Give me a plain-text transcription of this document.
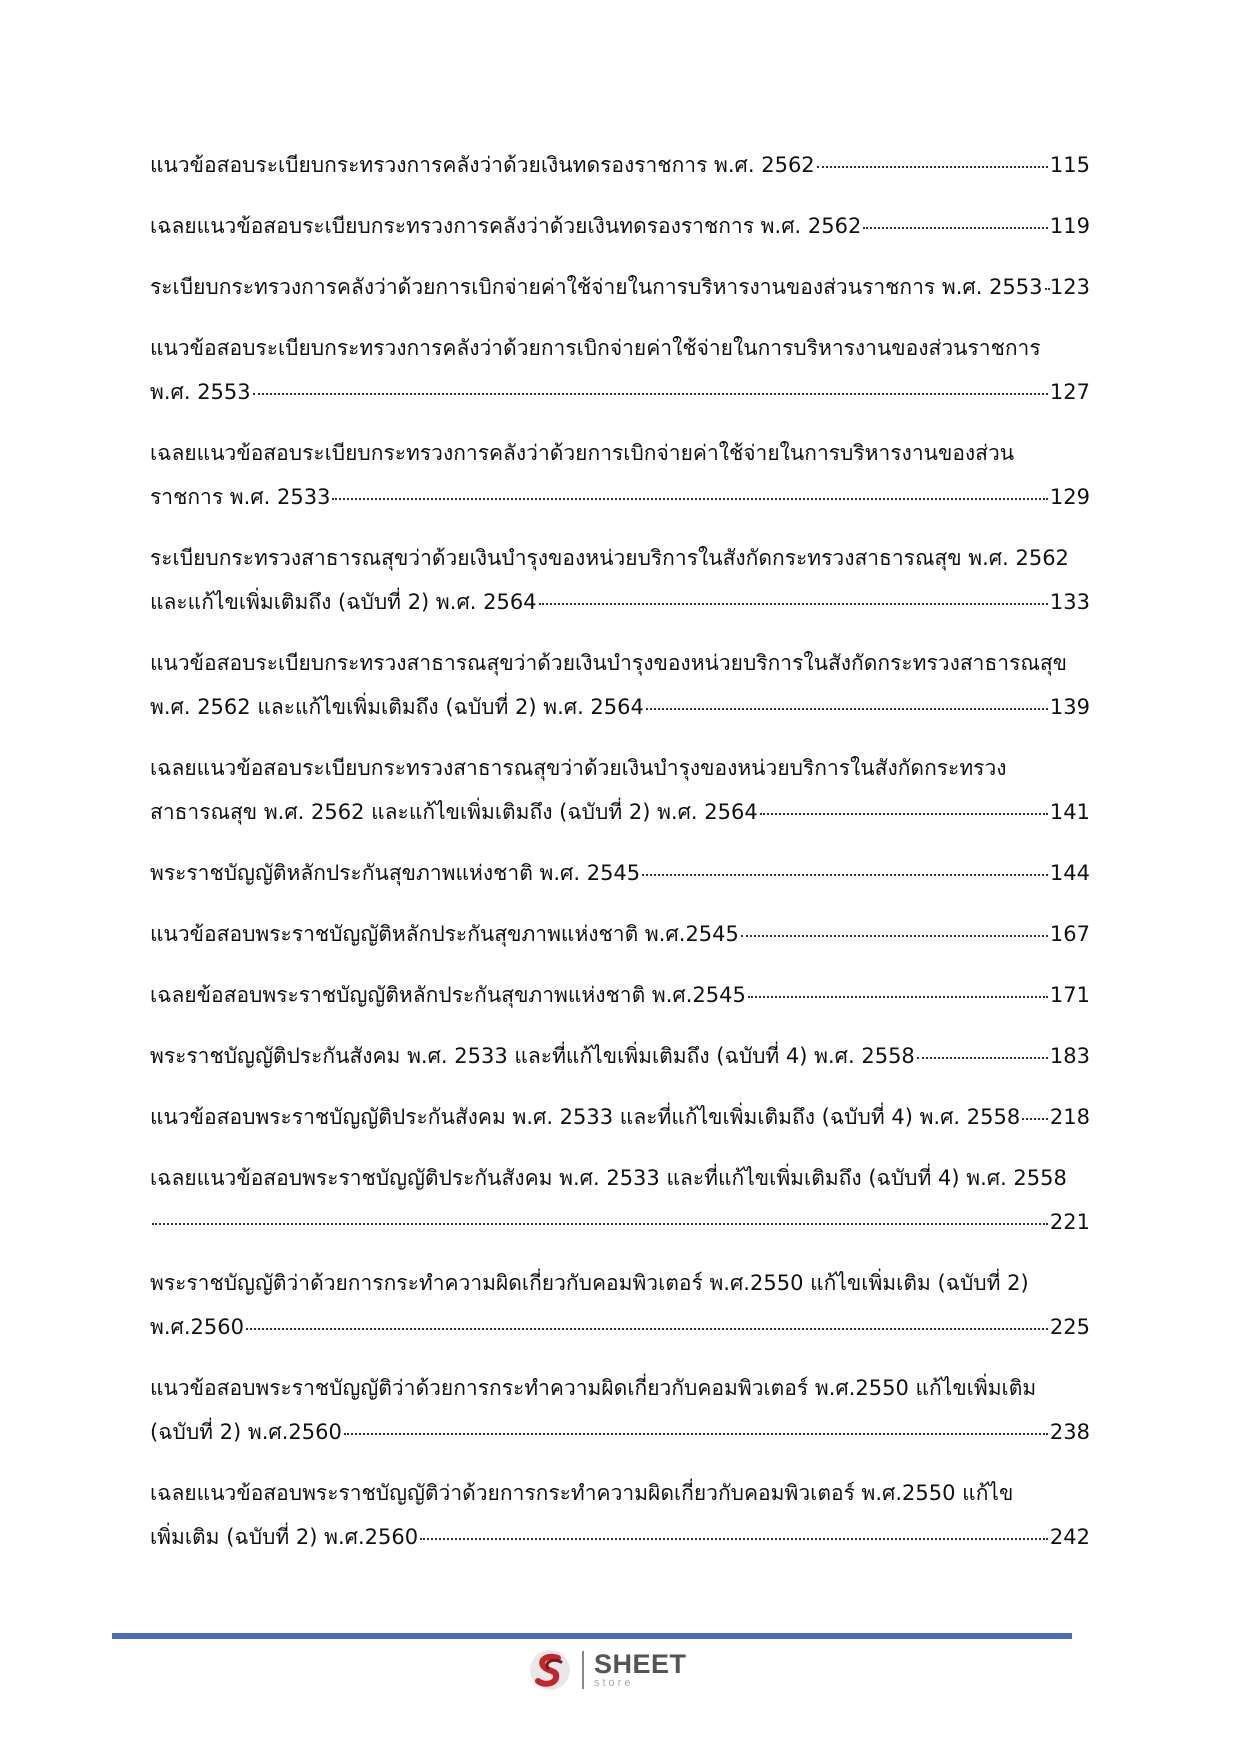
แนวข้อสอบระเบียบกระทรวงการคลังว่าด้วยเงินทดรองราชการ พ.ศ. 2562	115
เฉลยแนวข้อสอบระเบียบกระทรวงการคลังว่าด้วยเงินทดรองราชการ พ.ศ. 2562	119
ระเบียบกระทรวงการคลังว่าด้วยการเบิกจ่ายค่าใช้จ่ายในการบริหารงานของส่วนราชการ พ.ศ. 2553 123
แนวข้อสอบระเบียบกระทรวงการคลังว่าด้วยการเบิกจ่ายค่าใช้จ่ายในการบริหารงานของส่วนราชการ
พ.ศ. 2553	127
เฉลยแนวข้อสอบระเบียบกระทรวงการคลังว่าด้วยการเบิกจ่ายค่าใช้จ่ายในการบริหารงานของส่วน
ราชการ พ.ศ. 2533	129
ระเบียบกระทรวงสาธารณสุขว่าด้วยเงินบำรุงของหน่วยบริการในสังกัดกระทรวงสาธารณสุข พ.ศ. 2562
และแก้ไขเพิ่มเติมถึง (ฉบับที่ 2) พ.ศ. 2564	133
แนวข้อสอบระเบียบกระทรวงสาธารณสุขว่าด้วยเงินบำรุงของหน่วยบริการในสังกัดกระทรวงสาธารณสุข
พ.ศ. 2562 และแก้ไขเพิ่มเติมถึง (ฉบับที่ 2) พ.ศ. 2564	139
เฉลยแนวข้อสอบระเบียบกระทรวงสาธารณสุขว่าด้วยเงินบำรุงของหน่วยบริการในสังกัดกระทรวง
สาธารณสุข พ.ศ. 2562 และแก้ไขเพิ่มเติมถึง (ฉบับที่ 2) พ.ศ. 2564	141
พระราชบัญญัติหลักประกันสุขภาพแห่งชาติ พ.ศ. 2545	144
แนวข้อสอบพระราชบัญญัติหลักประกันสุขภาพแห่งชาติ พ.ศ.2545	167
เฉลยข้อสอบพระราชบัญญัติหลักประกันสุขภาพแห่งชาติ พ.ศ.2545	171
พระราชบัญญัติประกันสังคม พ.ศ. 2533 และที่แก้ไขเพิ่มเติมถึง (ฉบับที่ 4) พ.ศ. 2558	183
แนวข้อสอบพระราชบัญญัติประกันสังคม พ.ศ. 2533 และที่แก้ไขเพิ่มเติมถึง (ฉบับที่ 4) พ.ศ. 2558 218
เฉลยแนวข้อสอบพระราชบัญญัติประกันสังคม พ.ศ. 2533 และที่แก้ไขเพิ่มเติมถึง (ฉบับที่ 4) พ.ศ. 2558
221
พระราชบัญญัติว่าด้วยการกระทำความผิดเกี่ยวกับคอมพิวเตอร์ พ.ศ.2550 แก้ไขเพิ่มเติม (ฉบับที่ 2)
พ.ศ.2560	225
แนวข้อสอบพระราชบัญญัติว่าด้วยการกระทำความผิดเกี่ยวกับคอมพิวเตอร์ พ.ศ.2550 แก้ไขเพิ่มเติม
(ฉบับที่ 2) พ.ศ.2560	238
เฉลยแนวข้อสอบพระราชบัญญัติว่าด้วยการกระทำความผิดเกี่ยวกับคอมพิวเตอร์ พ.ศ.2550 แก้ไข
เพิ่มเติม (ฉบับที่ 2) พ.ศ.2560	242
SHEET
store
